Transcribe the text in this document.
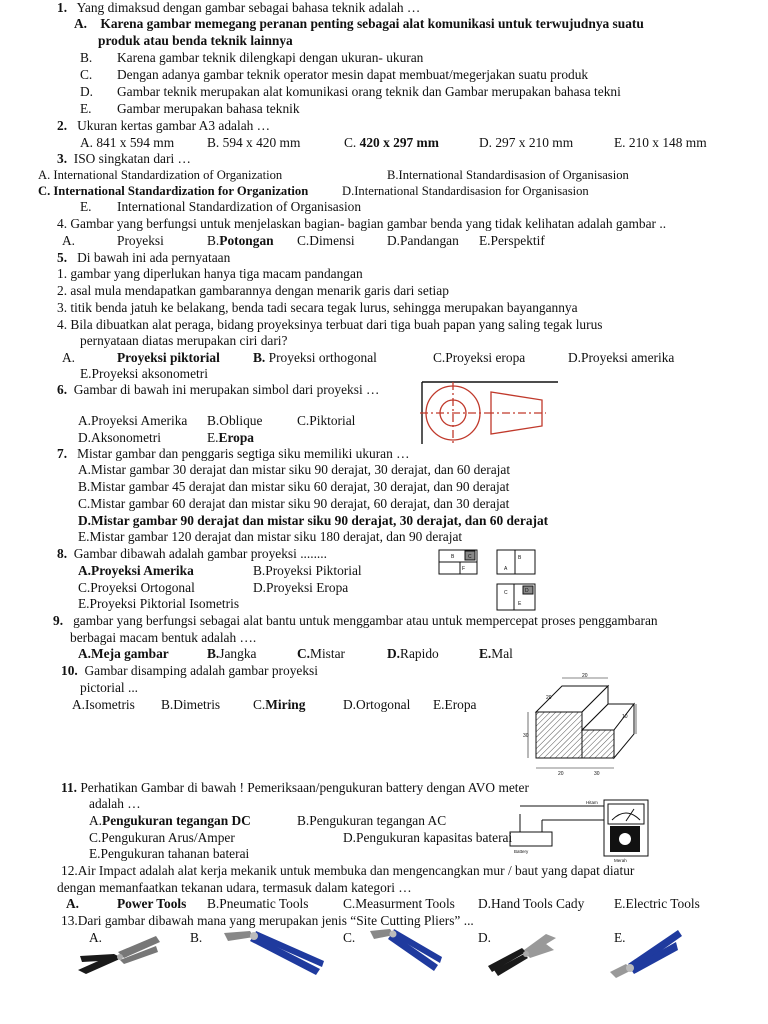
1. Yang dimaksud dengan gambar sebagai bahasa teknik adalah …
A. Karena gambar memegang peranan penting sebagai alat komunikasi untuk terwujudnya suatu
produk atau benda teknik lainnya
B. Karena gambar teknik dilengkapi dengan ukuran- ukuran
C. Dengan adanya gambar teknik operator mesin dapat membuat/megerjakan suatu produk
D. Gambar teknik merupakan alat komunikasi orang teknik dan Gambar merupakan bahasa tekni
E. Gambar merupakan bahasa teknik
2. Ukuran kertas gambar A3 adalah …
A. 841 x 594 mm B. 594 x 420 mm	C. 420 x 297 mm	D. 297 x 210 mm	E. 210 x 148 mm
3. ISO singkatan dari …
A. International Standardization of Organization	B.International Standardisasion of Organisasion
C. International Standardization for Organization	D.International Standardisasion for Organisasion
E. International Standardization of Organisasion
4. Gambar yang berfungsi untuk menjelaskan bagian- bagian gambar benda yang tidak kelihatan adalah gambar ..
A.	Proyeksi	B.Potongan C.Dimensi D.Pandangan E.Perspektif
5. Di bawah ini ada pernyataan
1. gambar yang diperlukan hanya tiga macam pandangan
2. asal mula mendapatkan gambarannya dengan menarik garis dari setiap
3. titik benda jatuh ke belakang, benda tadi secara tegak lurus, sehingga merupakan bayangannya
4. Bila dibuatkan alat peraga, bidang proyeksinya terbuat dari tiga buah papan yang saling tegak lurus
pernyataan diatas merupakan ciri dari?
A.	Proyeksi piktorial B. Proyeksi orthogonal	C.Proyeksi eropa	D.Proyeksi amerika
E.Proyeksi aksonometri
6. Gambar di bawah ini merupakan simbol dari proyeksi …
A.Proyeksi Amerika B.Oblique	C.Piktorial
D.Aksonometri	E.Eropa
7. Mistar gambar dan penggaris segtiga siku memiliki ukuran …
A.Mistar gambar 30 derajat dan mistar siku 90 derajat, 30 derajat, dan 60 derajat
B.Mistar gambar 45 derajat dan mistar siku 60 derajat, 30 derajat, dan 90 derajat
C.Mistar gambar 60 derajat dan mistar siku 90 derajat, 60 derajat, dan 30 derajat
D.Mistar gambar 90 derajat dan mistar siku 90 derajat, 30 derajat, dan 60 derajat
E.Mistar gambar 120 derajat dan mistar siku 180 derajat, dan 90 derajat
8. Gambar dibawah adalah gambar proyeksi ........
A.Proyeksi Amerika	B.Proyeksi Piktorial
C.Proyeksi Ortogonal	D.Proyeksi Eropa
E.Proyeksi Piktorial Isometris
B	C	B
A
C	D
F
E
9. gambar yang berfungsi sebagai alat bantu untuk menggambar atau untuk mempercepat proses penggambaran
berbagai macam bentuk adalah ….
A.Meja gambar	B.Jangka	C.Mistar	D.Rapido	E.Mal
10. Gambar disamping adalah gambar proyeksi
pictorial ...
A.Isometris B.Dimetris C.Miring	D.Ortogonal E.Eropa
30
20	30
20
20
10
11. Perhatikan Gambar di bawah ! Pemeriksaan/pengukuran battery dengan AVO meter
adalah …
A.Pengukuran tegangan DC	B.Pengukuran tegangan AC
C.Pengukuran Arus/Amper	D.Pengukuran kapasitas baterai
E.Pengukuran tahanan baterai	Battery
Merah
Hitam
12.Air Impact adalah alat kerja mekanik untuk membuka dan mengencangkan mur / baut yang dapat diatur
dengan memanfaatkan tekanan udara, termasuk dalam kategori …
A.	Power Tools B.Pneumatic Tools	C.Measurment Tools D.Hand Tools Cady E.Electric Tools
13.Dari gambar dibawah mana yang merupakan jenis “Site Cutting Pliers” ...
A.	B.	C.	D.	E.
